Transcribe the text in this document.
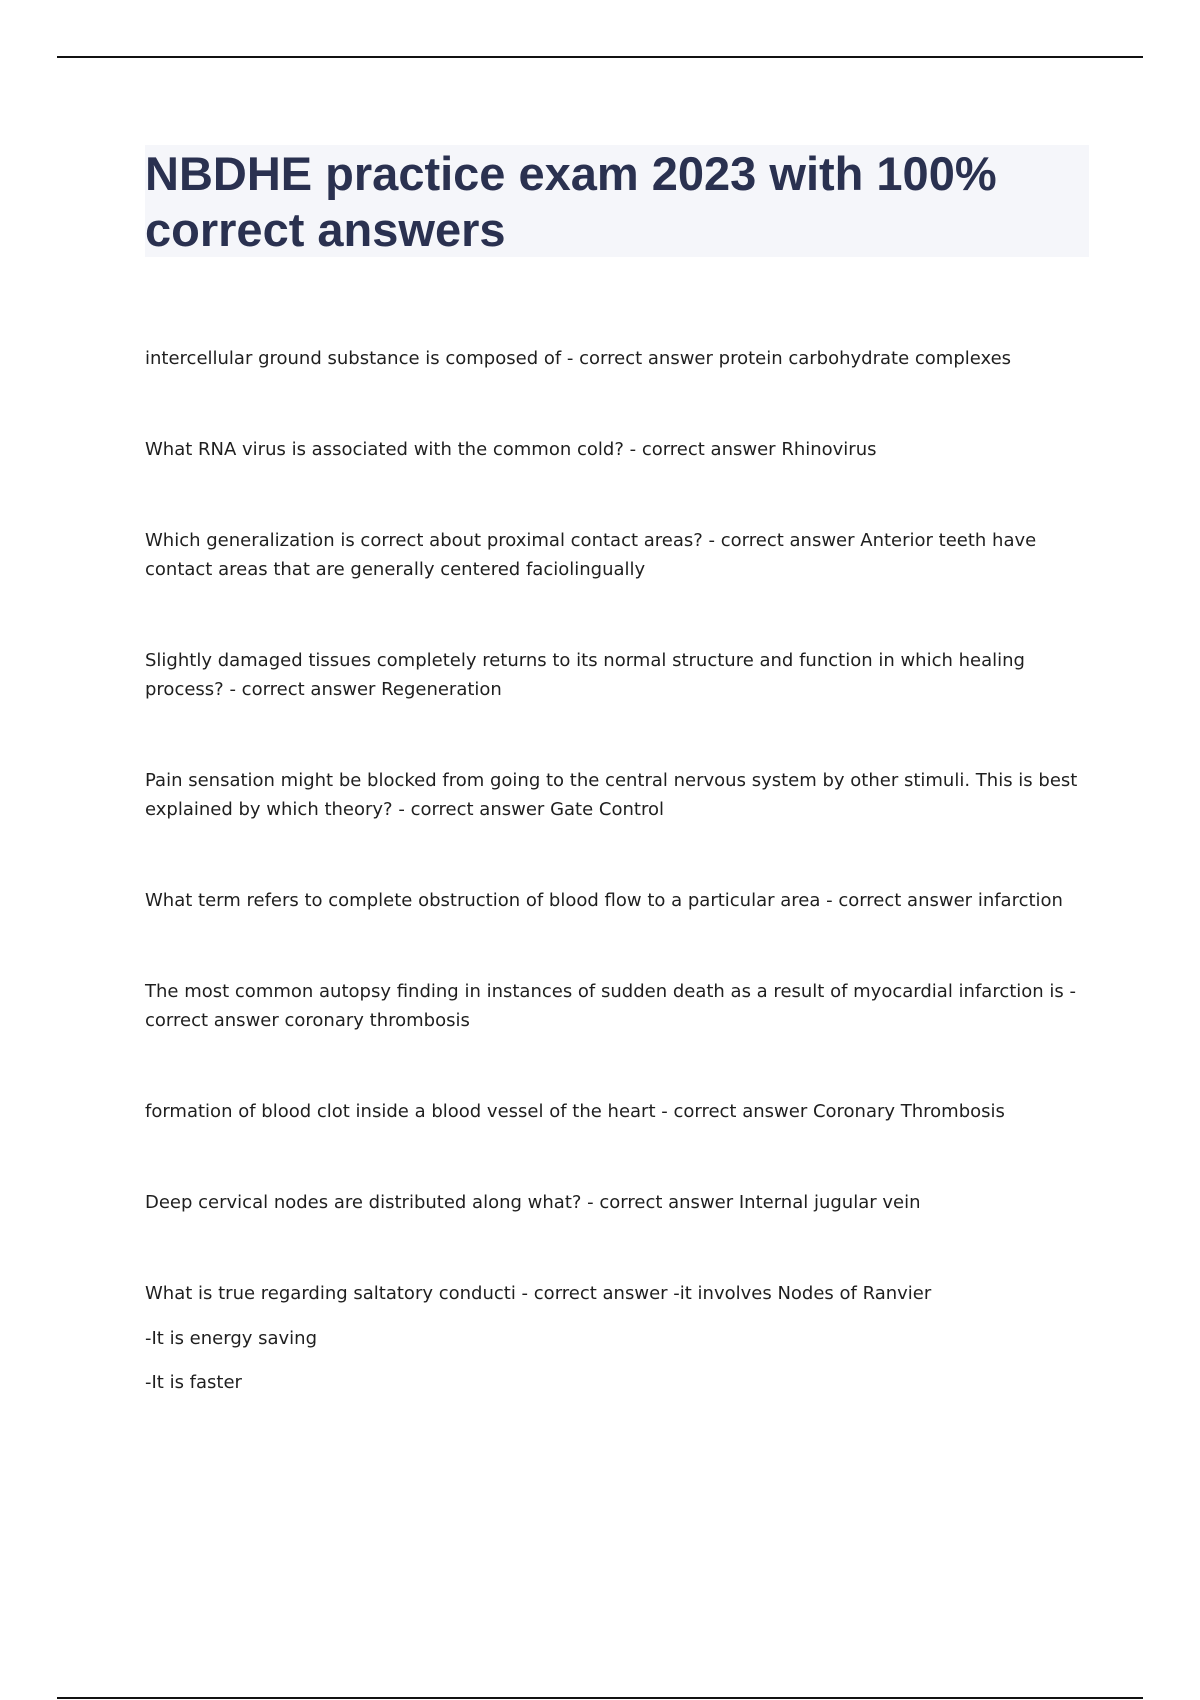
NBDHE practice exam 2023 with 100% correct answers

intercellular ground substance is composed of - correct answer protein carbohydrate complexes

What RNA virus is associated with the common cold? - correct answer Rhinovirus

Which generalization is correct about proximal contact areas? - correct answer Anterior teeth have contact areas that are generally centered faciolingually

Slightly damaged tissues completely returns to its normal structure and function in which healing process? - correct answer Regeneration

Pain sensation might be blocked from going to the central nervous system by other stimuli. This is best explained by which theory? - correct answer Gate Control

What term refers to complete obstruction of blood flow to a particular area - correct answer infarction

The most common autopsy finding in instances of sudden death as a result of myocardial infarction is - correct answer coronary thrombosis

formation of blood clot inside a blood vessel of the heart - correct answer Coronary Thrombosis

Deep cervical nodes are distributed along what? - correct answer Internal jugular vein

What is true regarding saltatory conducti - correct answer -it involves Nodes of Ranvier

-It is energy saving

-It is faster
